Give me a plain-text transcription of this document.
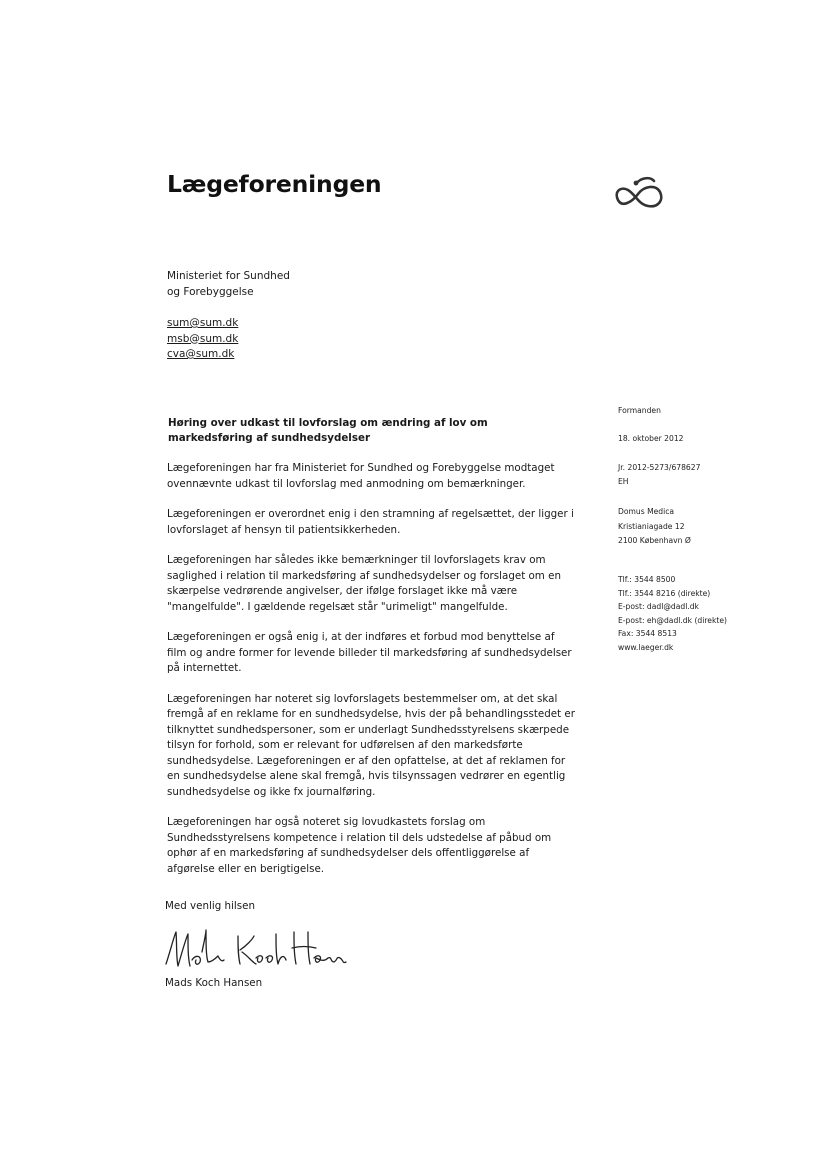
Lægeforeningen
Ministeriet for Sundhed
og Forebyggelse
sum@sum.dk
msb@sum.dk
cva@sum.dk
Formanden
18. oktober 2012
Jr. 2012-5273/678627
EH
Domus Medica
Kristianiagade 12
2100 København Ø
Tlf.: 3544 8500
Tlf.: 3544 8216 (direkte)
E-post: dadl@dadl.dk
E-post: eh@dadl.dk (direkte)
Fax: 3544 8513
www.laeger.dk
Høring over udkast til lovforslag om ændring af lov om markedsføring af sundhedsydelser

Lægeforeningen har fra Ministeriet for Sundhed og Forebyggelse modtaget ovennævnte udkast til lovforslag med anmodning om bemærkninger.

Lægeforeningen er overordnet enig i den stramning af regelsættet, der ligger i lovforslaget af hensyn til patientsikkerheden.

Lægeforeningen har således ikke bemærkninger til lovforslagets krav om saglighed i relation til markedsføring af sundhedsydelser og forslaget om en skærpelse vedrørende angivelser, der ifølge forslaget ikke må være "mangelfulde". I gældende regelsæt står "urimeligt" mangelfulde.

Lægeforeningen er også enig i, at der indføres et forbud mod benyttelse af film og andre former for levende billeder til markedsføring af sundhedsydelser på internettet.

Lægeforeningen har noteret sig lovforslagets bestemmelser om, at det skal fremgå af en reklame for en sundhedsydelse, hvis der på behandlingsstedet er tilknyttet sundhedspersoner, som er underlagt Sundhedsstyrelsens skærpede tilsyn for forhold, som er relevant for udførelsen af den markedsførte sundhedsydelse. Lægeforeningen er af den opfattelse, at det af reklamen for en sundhedsydelse alene skal fremgå, hvis tilsynssagen vedrører en egentlig sundhedsydelse og ikke fx journalføring.

Lægeforeningen har også noteret sig lovudkastets forslag om Sundhedsstyrelsens kompetence i relation til dels udstedelse af påbud om ophør af en markedsføring af sundhedsydelser dels offentliggørelse af afgørelse eller en berigtigelse.

Med venlig hilsen
Mads Koch Hansen
